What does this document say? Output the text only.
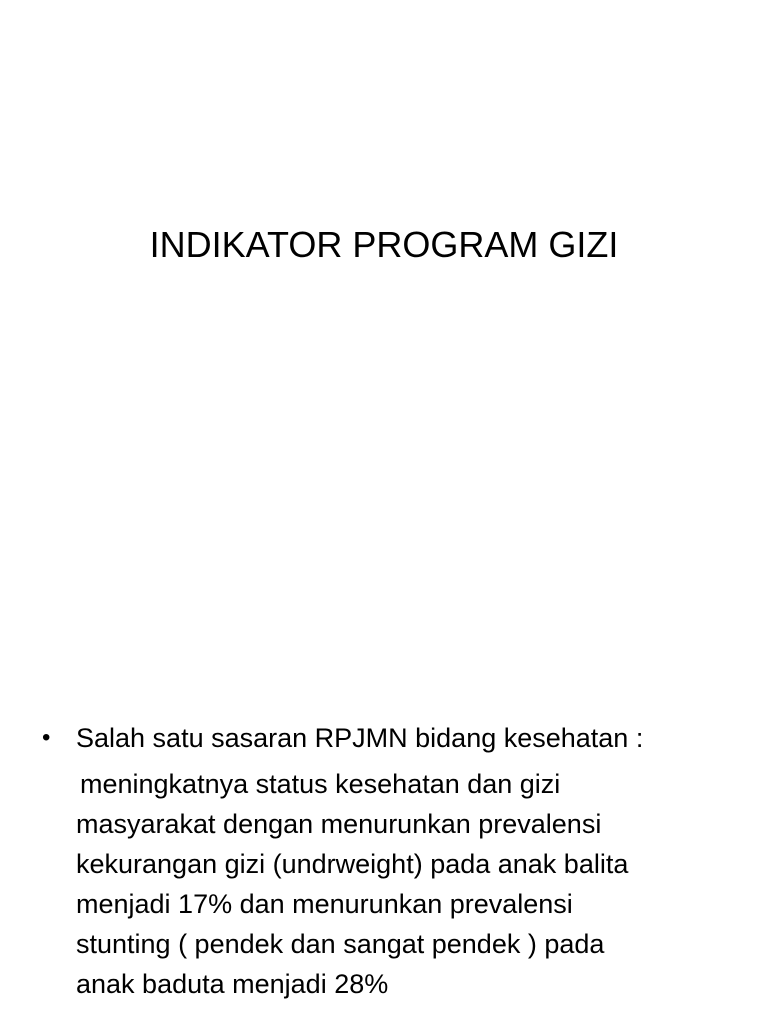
INDIKATOR PROGRAM GIZI
• Salah satu sasaran RPJMN bidang kesehatan :
meningkatnya status kesehatan dan gizi
masyarakat dengan menurunkan prevalensi
kekurangan gizi (undrweight) pada anak balita
menjadi 17% dan menurunkan prevalensi
stunting ( pendek dan sangat pendek ) pada
anak baduta menjadi 28%
